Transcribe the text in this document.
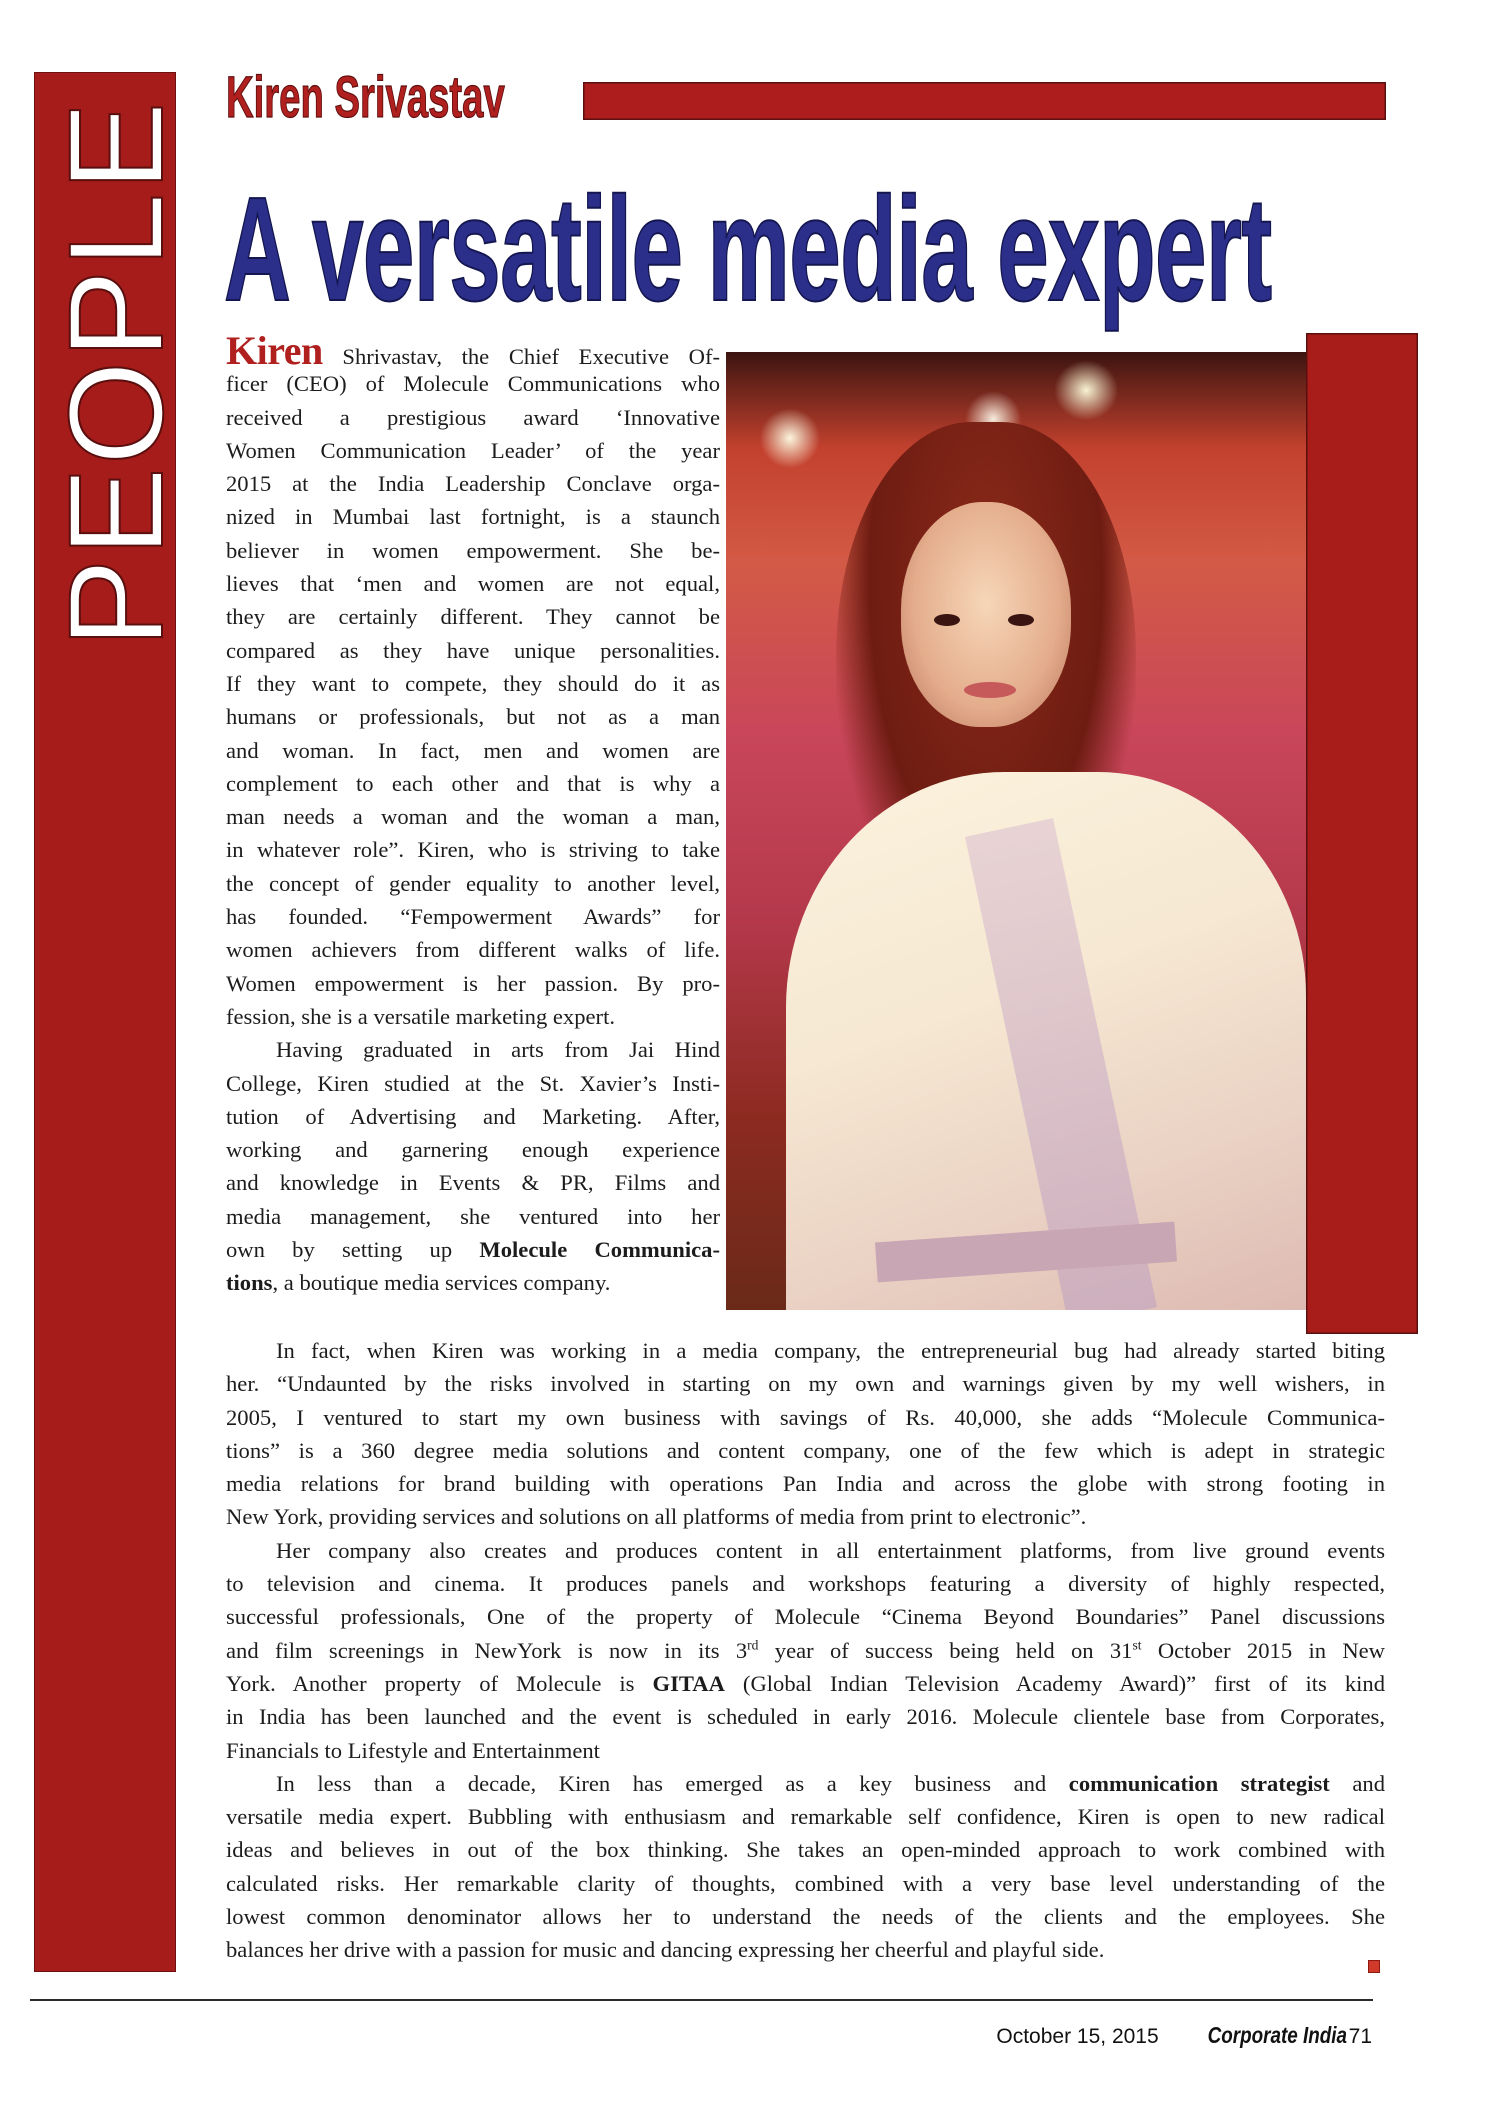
PEOPLE
Kiren Srivastav
A versatile media expert
Kiren Shrivastav, the Chief Executive Of-
ficer (CEO) of Molecule Communications who
received a prestigious award ‘Innovative
Women Communication Leader’ of the year
2015 at the India Leadership Conclave orga-
nized in Mumbai last fortnight, is a staunch
believer in women empowerment. She be-
lieves that ‘men and women are not equal,
they are certainly different. They cannot be
compared as they have unique personalities.
If they want to compete, they should do it as
humans or professionals, but not as a man
and woman. In fact, men and women are
complement to each other and that is why a
man needs a woman and the woman a man,
in whatever role”. Kiren, who is striving to take
the concept of gender equality to another level,
has founded. “Fempowerment Awards” for
women achievers from different walks of life.
Women empowerment is her passion. By pro-
fession, she is a versatile marketing expert.
Having graduated in arts from Jai Hind
College, Kiren studied at the St. Xavier’s Insti-
tution of Advertising and Marketing. After,
working and garnering enough experience
and knowledge in Events & PR, Films and
media management, she ventured into her
own by setting up Molecule Communica-
tions, a boutique media services company.
In fact, when Kiren was working in a media company, the entrepreneurial bug had already started biting
her. “Undaunted by the risks involved in starting on my own and warnings given by my well wishers, in
2005, I ventured to start my own business with savings of Rs. 40,000, she adds “Molecule Communica-
tions” is a 360 degree media solutions and content company, one of the few which is adept in strategic
media relations for brand building with operations Pan India and across the globe with strong footing in
New York, providing services and solutions on all platforms of media from print to electronic”.
Her company also creates and produces content in all entertainment platforms, from live ground events
to television and cinema. It produces panels and workshops featuring a diversity of highly respected,
successful professionals, One of the property of Molecule “Cinema Beyond Boundaries” Panel discussions
and film screenings in NewYork is now in its 3rd year of success being held on 31st October 2015 in New
York. Another property of Molecule is GITAA (Global Indian Television Academy Award)” first of its kind
in India has been launched and the event is scheduled in early 2016. Molecule clientele base from Corporates,
Financials to Lifestyle and Entertainment
In less than a decade, Kiren has emerged as a key business and communication strategist and
versatile media expert. Bubbling with enthusiasm and remarkable self confidence, Kiren is open to new radical
ideas and believes in out of the box thinking. She takes an open-minded approach to work combined with
calculated risks. Her remarkable clarity of thoughts, combined with a very base level understanding of the
lowest common denominator allows her to understand the needs of the clients and the employees. She
balances her drive with a passion for music and dancing expressing her cheerful and playful side.
October 15, 2015 Corporate India71
